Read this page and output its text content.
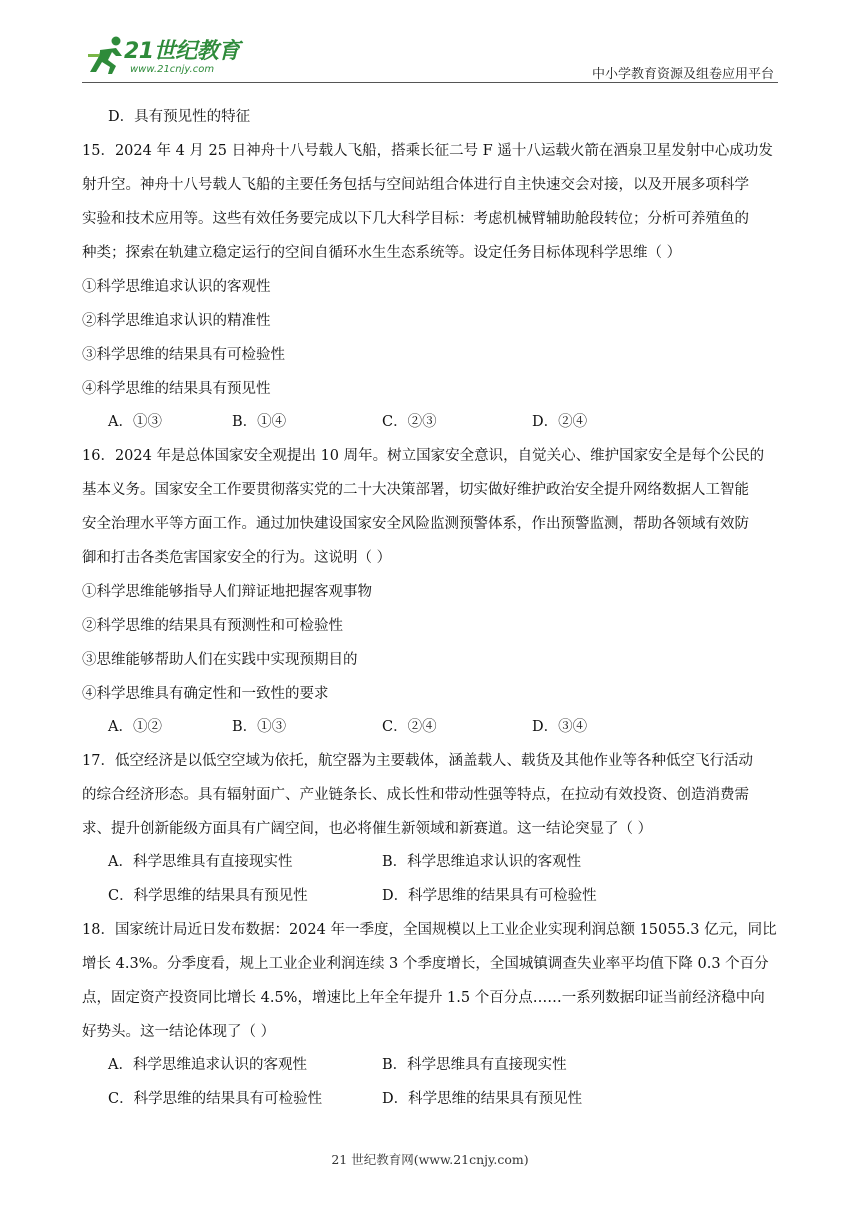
21世纪教育
www.21cnjy.com	中小学教育资源及组卷应用平台
D．具有预见性的特征
15．2024 年 4 月 25 日神舟十八号载人飞船，搭乘长征二号 F 遥十八运载火箭在酒泉卫星发射中心成功发
射升空。神舟十八号载人飞船的主要任务包括与空间站组合体进行自主快速交会对接，以及开展多项科学
实验和技术应用等。这些有效任务要完成以下几大科学目标：考虑机械臂辅助舱段转位；分析可养殖鱼的
种类；探索在轨建立稳定运行的空间自循环水生生态系统等。设定任务目标体现科学思维（ ）
①科学思维追求认识的客观性
②科学思维追求认识的精准性
③科学思维的结果具有可检验性
④科学思维的结果具有预见性
A．①③	B．①④	C．②③	D．②④
16．2024 年是总体国家安全观提出 10 周年。树立国家安全意识，自觉关心、维护国家安全是每个公民的
基本义务。国家安全工作要贯彻落实党的二十大决策部署，切实做好维护政治安全提升网络数据人工智能
安全治理水平等方面工作。通过加快建设国家安全风险监测预警体系，作出预警监测，帮助各领域有效防
御和打击各类危害国家安全的行为。这说明（ ）
①科学思维能够指导人们辩证地把握客观事物
②科学思维的结果具有预测性和可检验性
③思维能够帮助人们在实践中实现预期目的
④科学思维具有确定性和一致性的要求
A．①②	B．①③	C．②④	D．③④
17．低空经济是以低空空域为依托，航空器为主要载体，涵盖载人、载货及其他作业等各种低空飞行活动
的综合经济形态。具有辐射面广、产业链条长、成长性和带动性强等特点，在拉动有效投资、创造消费需
求、提升创新能级方面具有广阔空间，也必将催生新领域和新赛道。这一结论突显了（ ）
A．科学思维具有直接现实性	B．科学思维追求认识的客观性
C．科学思维的结果具有预见性	D．科学思维的结果具有可检验性
18．国家统计局近日发布数据：2024 年一季度，全国规模以上工业企业实现利润总额 15055.3 亿元，同比
增长 4.3%。分季度看，规上工业企业利润连续 3 个季度增长，全国城镇调查失业率平均值下降 0.3 个百分
点，固定资产投资同比增长 4.5%，增速比上年全年提升 1.5 个百分点……一系列数据印证当前经济稳中向
好势头。这一结论体现了（ ）
A．科学思维追求认识的客观性	B．科学思维具有直接现实性
C．科学思维的结果具有可检验性	D．科学思维的结果具有预见性
21 世纪教育网(www.21cnjy.com)
